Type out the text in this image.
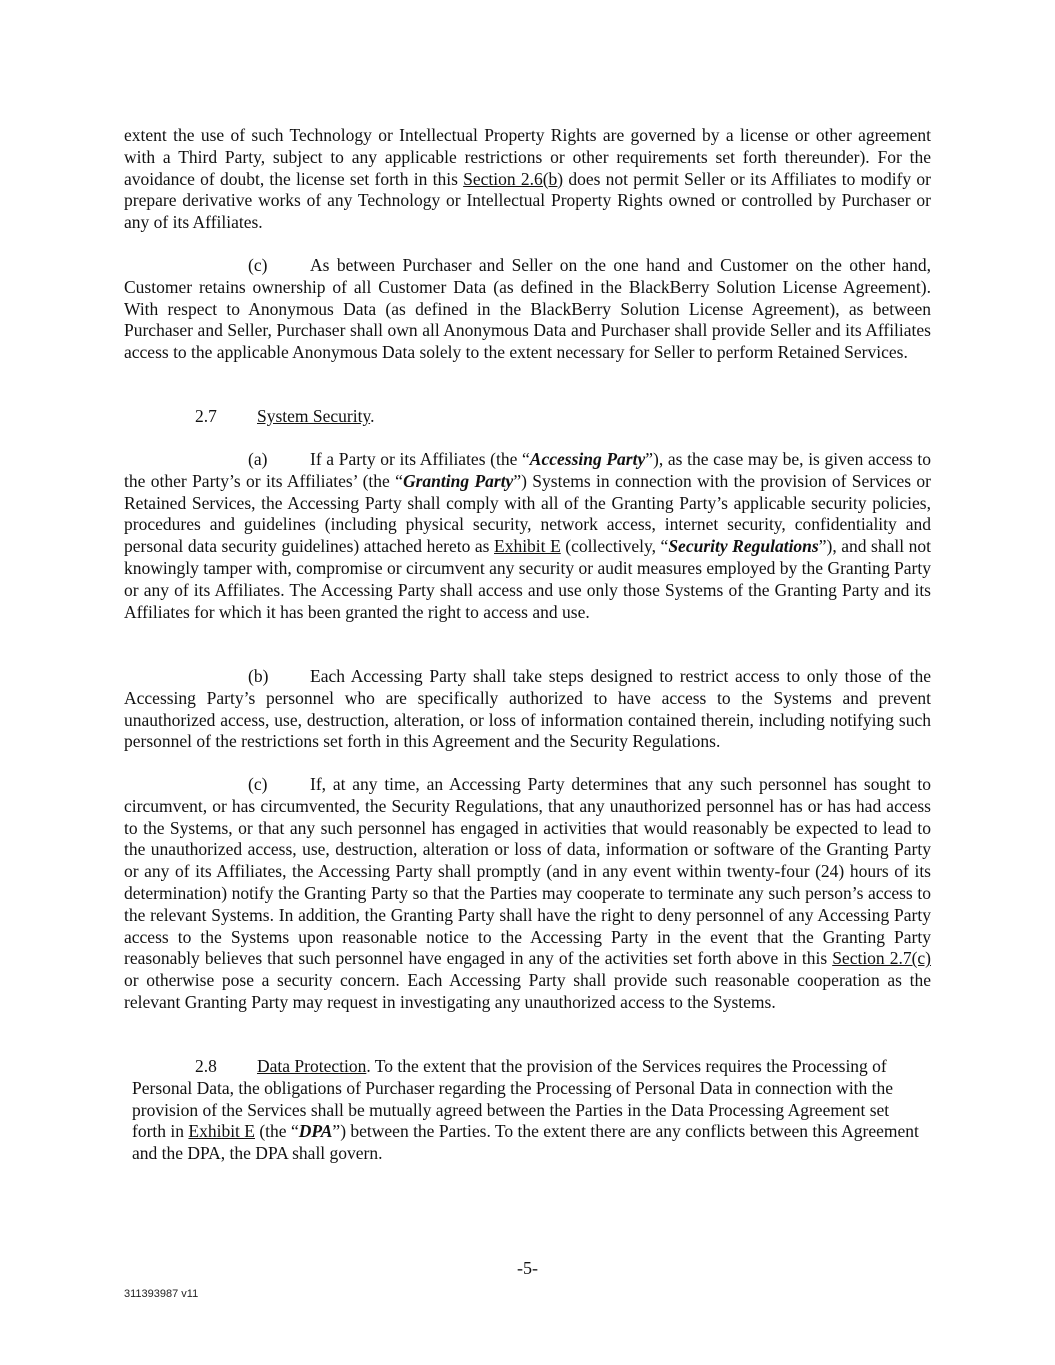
extent the use of such Technology or Intellectual Property Rights are governed by a license or other agreement with a Third Party, subject to any applicable restrictions or other requirements set forth thereunder). For the avoidance of doubt, the license set forth in this Section 2.6(b) does not permit Seller or its Affiliates to modify or prepare derivative works of any Technology or Intellectual Property Rights owned or controlled by Purchaser or any of its Affiliates.

(c) As between Purchaser and Seller on the one hand and Customer on the other hand, Customer retains ownership of all Customer Data (as defined in the BlackBerry Solution License Agreement). With respect to Anonymous Data (as defined in the BlackBerry Solution License Agreement), as between Purchaser and Seller, Purchaser shall own all Anonymous Data and Purchaser shall provide Seller and its Affiliates access to the applicable Anonymous Data solely to the extent necessary for Seller to perform Retained Services.

2.7 System Security.

(a) If a Party or its Affiliates (the “Accessing Party”), as the case may be, is given access to the other Party’s or its Affiliates’ (the “Granting Party”) Systems in connection with the provision of Services or Retained Services, the Accessing Party shall comply with all of the Granting Party’s applicable security policies, procedures and guidelines (including physical security, network access, internet security, confidentiality and personal data security guidelines) attached hereto as Exhibit E (collectively, “Security Regulations”), and shall not knowingly tamper with, compromise or circumvent any security or audit measures employed by the Granting Party or any of its Affiliates. The Accessing Party shall access and use only those Systems of the Granting Party and its Affiliates for which it has been granted the right to access and use.

(b) Each Accessing Party shall take steps designed to restrict access to only those of the Accessing Party’s personnel who are specifically authorized to have access to the Systems and prevent unauthorized access, use, destruction, alteration, or loss of information contained therein, including notifying such personnel of the restrictions set forth in this Agreement and the Security Regulations.

(c) If, at any time, an Accessing Party determines that any such personnel has sought to circumvent, or has circumvented, the Security Regulations, that any unauthorized personnel has or has had access to the Systems, or that any such personnel has engaged in activities that would reasonably be expected to lead to the unauthorized access, use, destruction, alteration or loss of data, information or software of the Granting Party or any of its Affiliates, the Accessing Party shall promptly (and in any event within twenty-four (24) hours of its determination) notify the Granting Party so that the Parties may cooperate to terminate any such person’s access to the relevant Systems. In addition, the Granting Party shall have the right to deny personnel of any Accessing Party access to the Systems upon reasonable notice to the Accessing Party in the event that the Granting Party reasonably believes that such personnel have engaged in any of the activities set forth above in this Section 2.7(c) or otherwise pose a security concern. Each Accessing Party shall provide such reasonable cooperation as the relevant Granting Party may request in investigating any unauthorized access to the Systems.

2.8 Data Protection. To the extent that the provision of the Services requires the Processing of Personal Data, the obligations of Purchaser regarding the Processing of Personal Data in connection with the provision of the Services shall be mutually agreed between the Parties in the Data Processing Agreement set forth in Exhibit E (the “DPA”) between the Parties. To the extent there are any conflicts between this Agreement and the DPA, the DPA shall govern.

-5-
311393987 v11
